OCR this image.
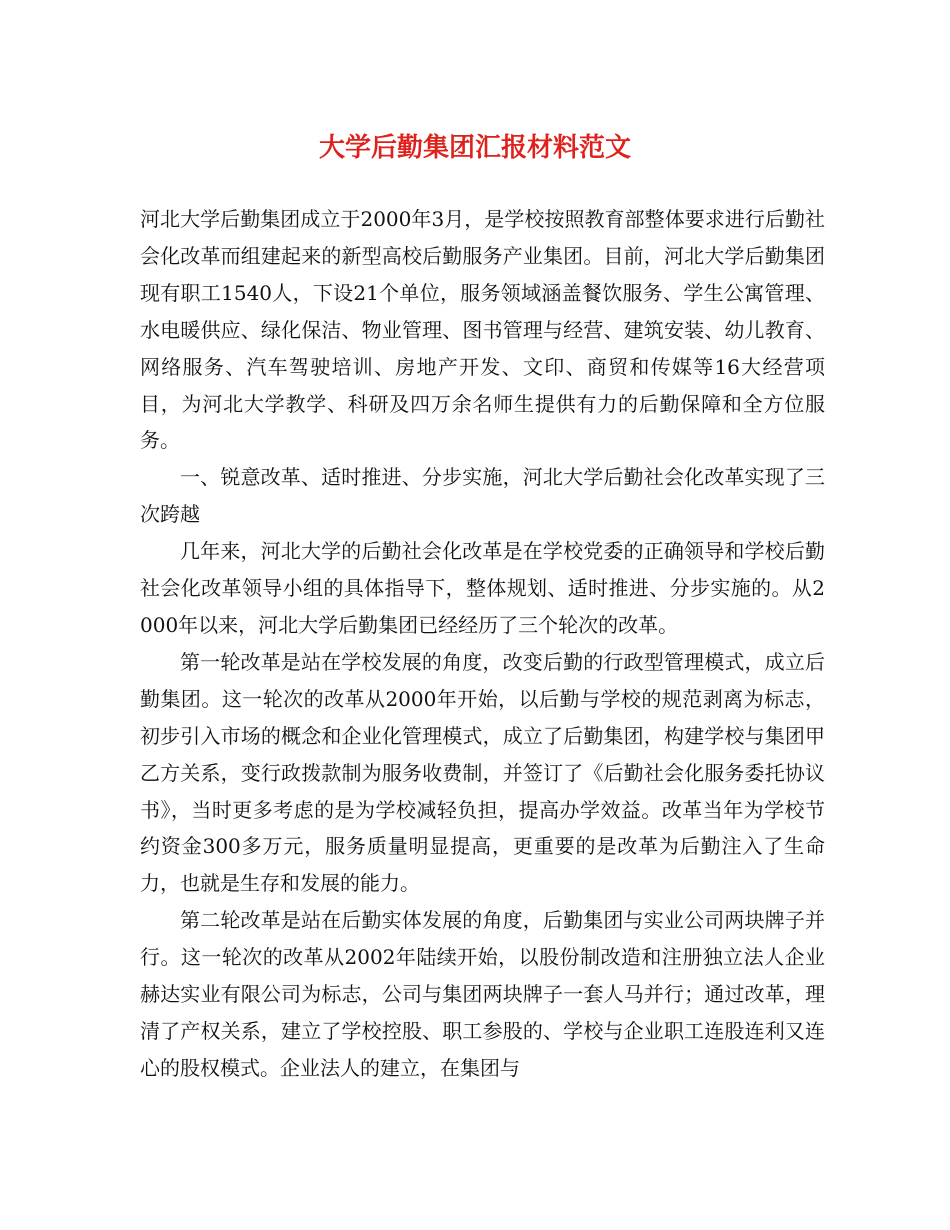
大学后勤集团汇报材料范文

河北大学后勤集团成立于2000年3月，是学校按照教育部整体要求进行后勤社会化改革而组建起来的新型高校后勤服务产业集团。目前，河北大学后勤集团现有职工1540人，下设21个单位，服务领域涵盖餐饮服务、学生公寓管理、水电暖供应、绿化保洁、物业管理、图书管理与经营、建筑安装、幼儿教育、网络服务、汽车驾驶培训、房地产开发、文印、商贸和传媒等16大经营项目，为河北大学教学、科研及四万余名师生提供有力的后勤保障和全方位服务。

一、锐意改革、适时推进、分步实施，河北大学后勤社会化改革实现了三次跨越

几年来，河北大学的后勤社会化改革是在学校党委的正确领导和学校后勤社会化改革领导小组的具体指导下，整体规划、适时推进、分步实施的。从2000年以来，河北大学后勤集团已经经历了三个轮次的改革。

第一轮改革是站在学校发展的角度，改变后勤的行政型管理模式，成立后勤集团。这一轮次的改革从2000年开始，以后勤与学校的规范剥离为标志，初步引入市场的概念和企业化管理模式，成立了后勤集团，构建学校与集团甲乙方关系，变行政拨款制为服务收费制，并签订了《后勤社会化服务委托协议书》，当时更多考虑的是为学校减轻负担，提高办学效益。改革当年为学校节约资金300多万元，服务质量明显提高，更重要的是改革为后勤注入了生命力，也就是生存和发展的能力。

第二轮改革是站在后勤实体发展的角度，后勤集团与实业公司两块牌子并行。这一轮次的改革从2002年陆续开始，以股份制改造和注册独立法人企业赫达实业有限公司为标志，公司与集团两块牌子一套人马并行；通过改革，理清了产权关系，建立了学校控股、职工参股的、学校与企业职工连股连利又连心的股权模式。企业法人的建立，在集团与
